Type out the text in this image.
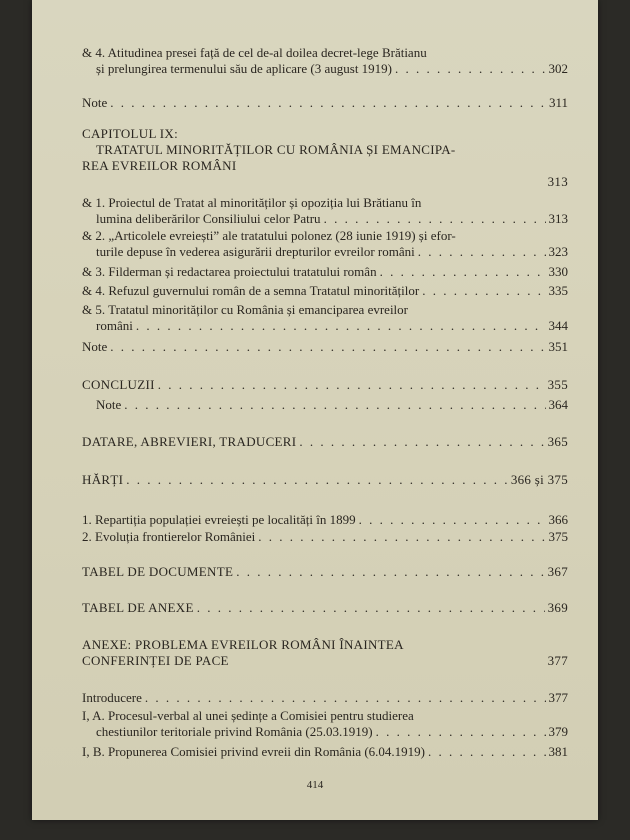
& 4. Atitudinea presei față de cel de-al doilea decret-lege Brătianu
și prelungirea termenului său de aplicare (3 august 1919) . . .	302
Note . . .	311
CAPITOLUL IX:
TRATATUL MINORITĂȚILOR CU ROMÂNIA ȘI EMANCIPA-
REA EVREILOR ROMÂNI
313
& 1. Proiectul de Tratat al minorităților și opoziția lui Brătianu în
lumina deliberărilor Consiliului celor Patru . . .	313
& 2. „Articolele evreiești” ale tratatului polonez (28 iunie 1919) și efor-
turile depuse în vederea asigurării drepturilor evreilor români . . .	323
& 3. Filderman și redactarea proiectului tratatului român . . .	330
& 4. Refuzul guvernului român de a semna Tratatul minorităților . . .	335
& 5. Tratatul minorităților cu România și emanciparea evreilor
români . . .	344
Note . . .	351
CONCLUZII . . .	355
Note . . .	364
DATARE, ABREVIERI, TRADUCERI . . .	365
HĂRȚI . . .	366 și 375
1. Repartiția populației evreiești pe localități în 1899 . . .	366
2. Evoluția frontierelor României . . .	375
TABEL DE DOCUMENTE . . .	367
TABEL DE ANEXE . . .	369
ANEXE: PROBLEMA EVREILOR ROMÂNI ÎNAINTEA
CONFERINȚEI DE PACE	377
Introducere . . .	377
I, A. Procesul-verbal al unei ședințe a Comisiei pentru studierea
chestiunilor teritoriale privind România (25.03.1919) . . .	379
I, B. Propunerea Comisiei privind evreii din România (6.04.1919) . . .	381
414
